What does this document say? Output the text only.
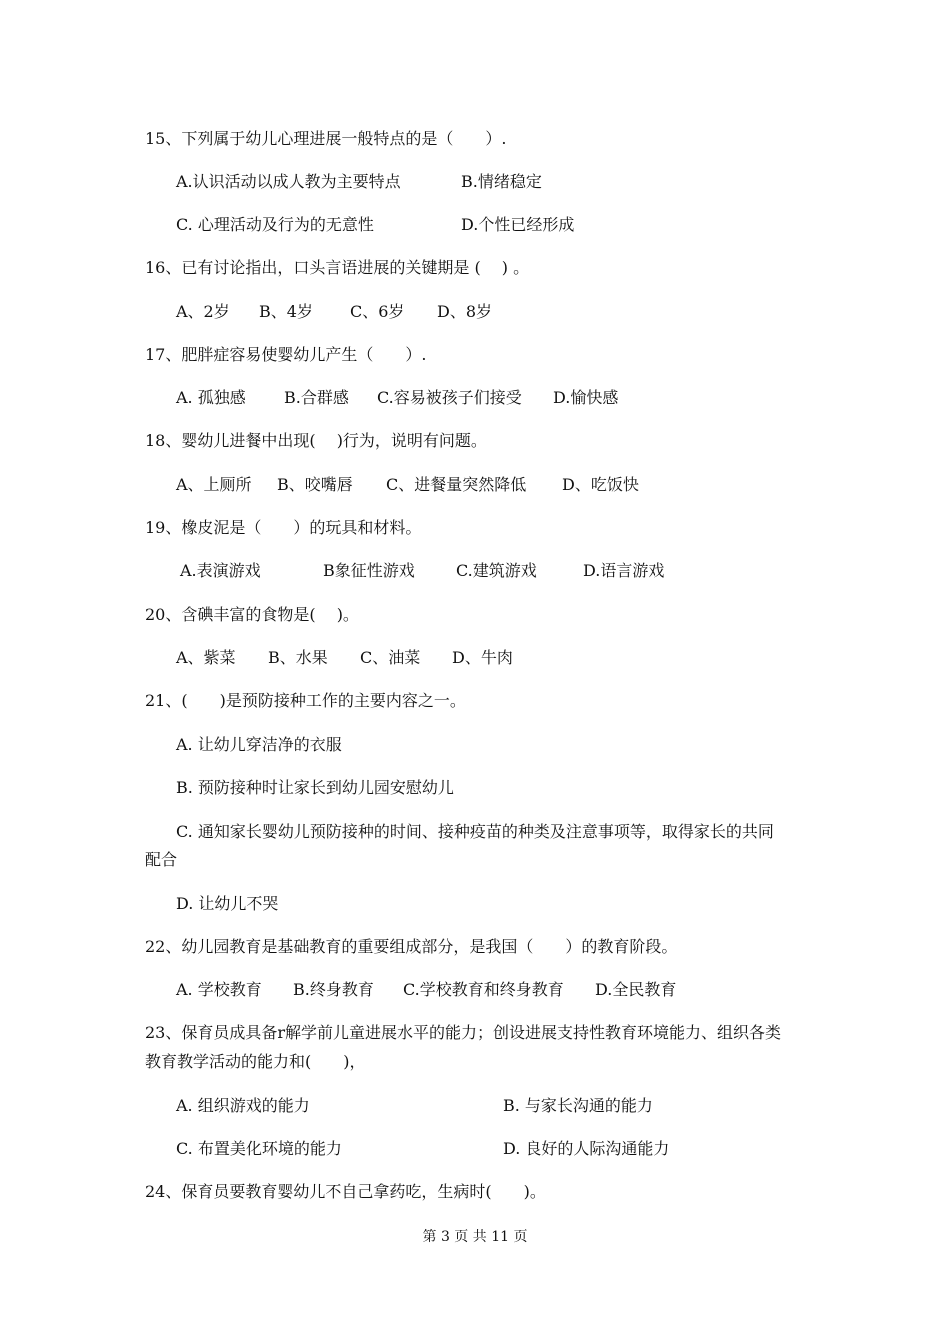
15、下列属于幼儿心理进展一般特点的是（　　）.
A.认识活动以成人教为主要特点	B.情绪稳定
C. 心理活动及行为的无意性	D.个性已经形成
16、已有讨论指出，口头言语进展的关键期是 (　 ) 。
A、2岁 B、4岁 C、6岁 D、8岁
17、肥胖症容易使婴幼儿产生（　　）.
A. 孤独感 B.合群感 C.容易被孩子们接受 D.愉快感
18、婴幼儿进餐中出现(　 )行为，说明有问题。
A、上厕所 B、咬嘴唇 C、进餐量突然降低 D、吃饭快
19、橡皮泥是（　　）的玩具和材料。
A.表演游戏	B象征性游戏	C.建筑游戏	D.语言游戏
20、含碘丰富的食物是(　 )。
A、紫菜 B、水果 C、油菜 D、牛肉
21、(　　)是预防接种工作的主要内容之一。
A. 让幼儿穿洁净的衣服
B. 预防接种时让家长到幼儿园安慰幼儿
C. 通知家长婴幼儿预防接种的时间、接种疫苗的种类及注意事项等，取得家长的共同
配合
D. 让幼儿不哭
22、幼儿园教育是基础教育的重要组成部分，是我国（　　）的教育阶段。
A. 学校教育 B.终身教育 C.学校教育和终身教育 D.全民教育
23、保育员成具备r解学前儿童进展水平的能力；创设进展支持性教育环境能力、组织各类
教育教学活动的能力和(　　)，
A. 组织游戏的能力	B. 与家长沟通的能力
C. 布置美化环境的能力	D. 良好的人际沟通能力
24、保育员要教育婴幼儿不自己拿药吃，生病时(　　)。
第 3 页 共 11 页
